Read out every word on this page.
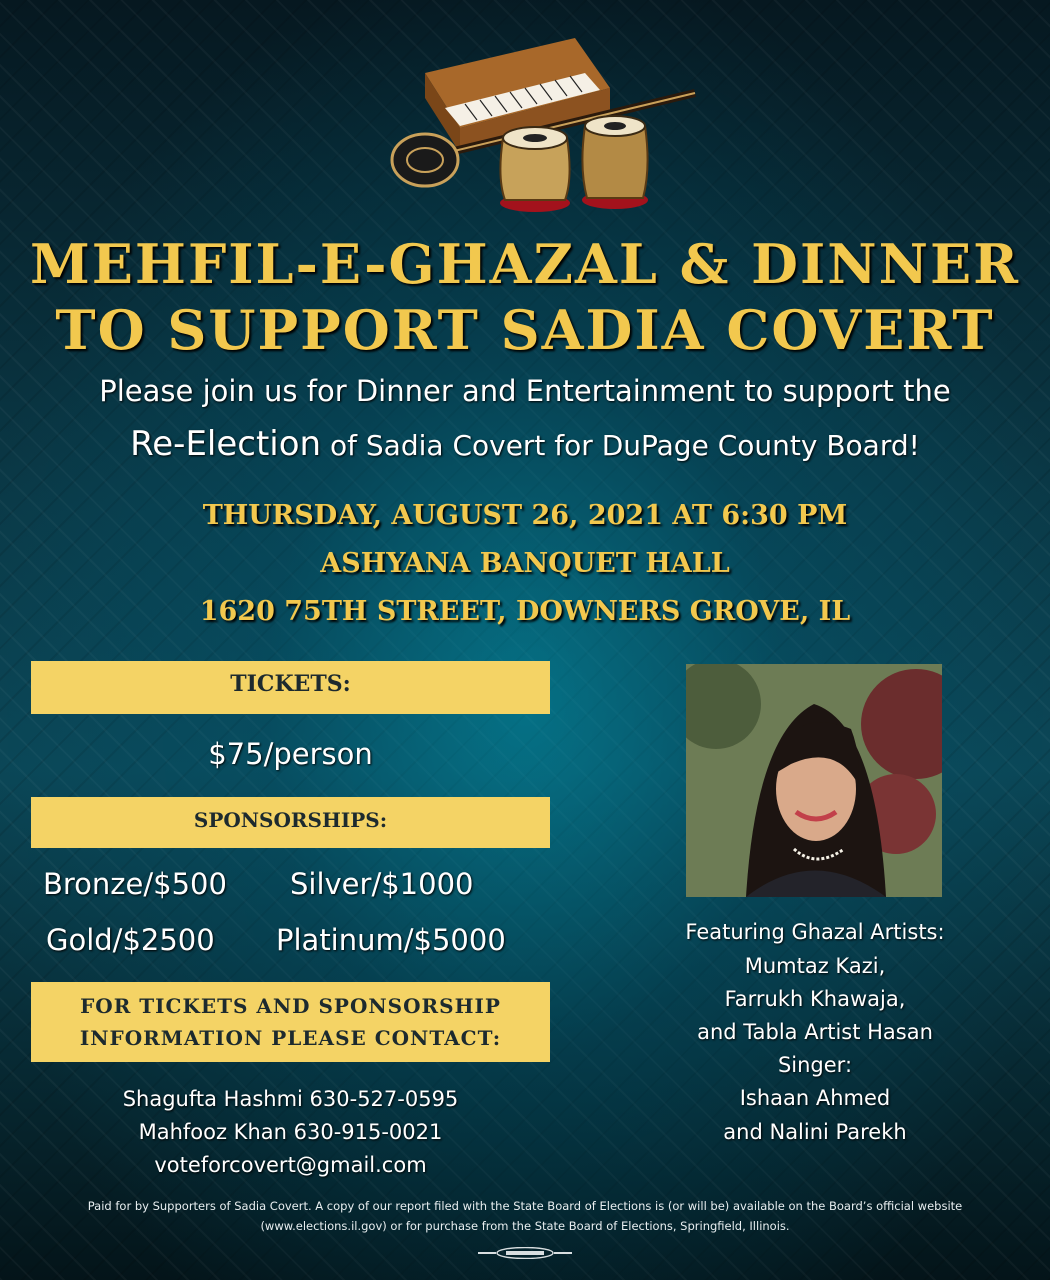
MEHFIL-E-GHAZAL & DINNER
TO SUPPORT SADIA COVERT
Please join us for Dinner and Entertainment to support the
Re-Election of Sadia Covert for DuPage County Board!
THURSDAY, AUGUST 26, 2021 AT 6:30 PM
ASHYANA BANQUET HALL
1620 75TH STREET, DOWNERS GROVE, IL
TICKETS:
$75/person
SPONSORSHIPS:
Bronze/$500 Silver/$1000
Gold/$2500 Platinum/$5000
FOR TICKETS AND SPONSORSHIP
INFORMATION PLEASE CONTACT:
Shagufta Hashmi 630-527-0595
Mahfooz Khan 630-915-0021
voteforcovert@gmail.com
Featuring Ghazal Artists:
Mumtaz Kazi,
Farrukh Khawaja,
and Tabla Artist Hasan
Singer:
Ishaan Ahmed
and Nalini Parekh
Paid for by Supporters of Sadia Covert. A copy of our report filed with the State Board of Elections is (or will be) available on the Board’s official website
(www.elections.il.gov) or for purchase from the State Board of Elections, Springfield, Illinois.
